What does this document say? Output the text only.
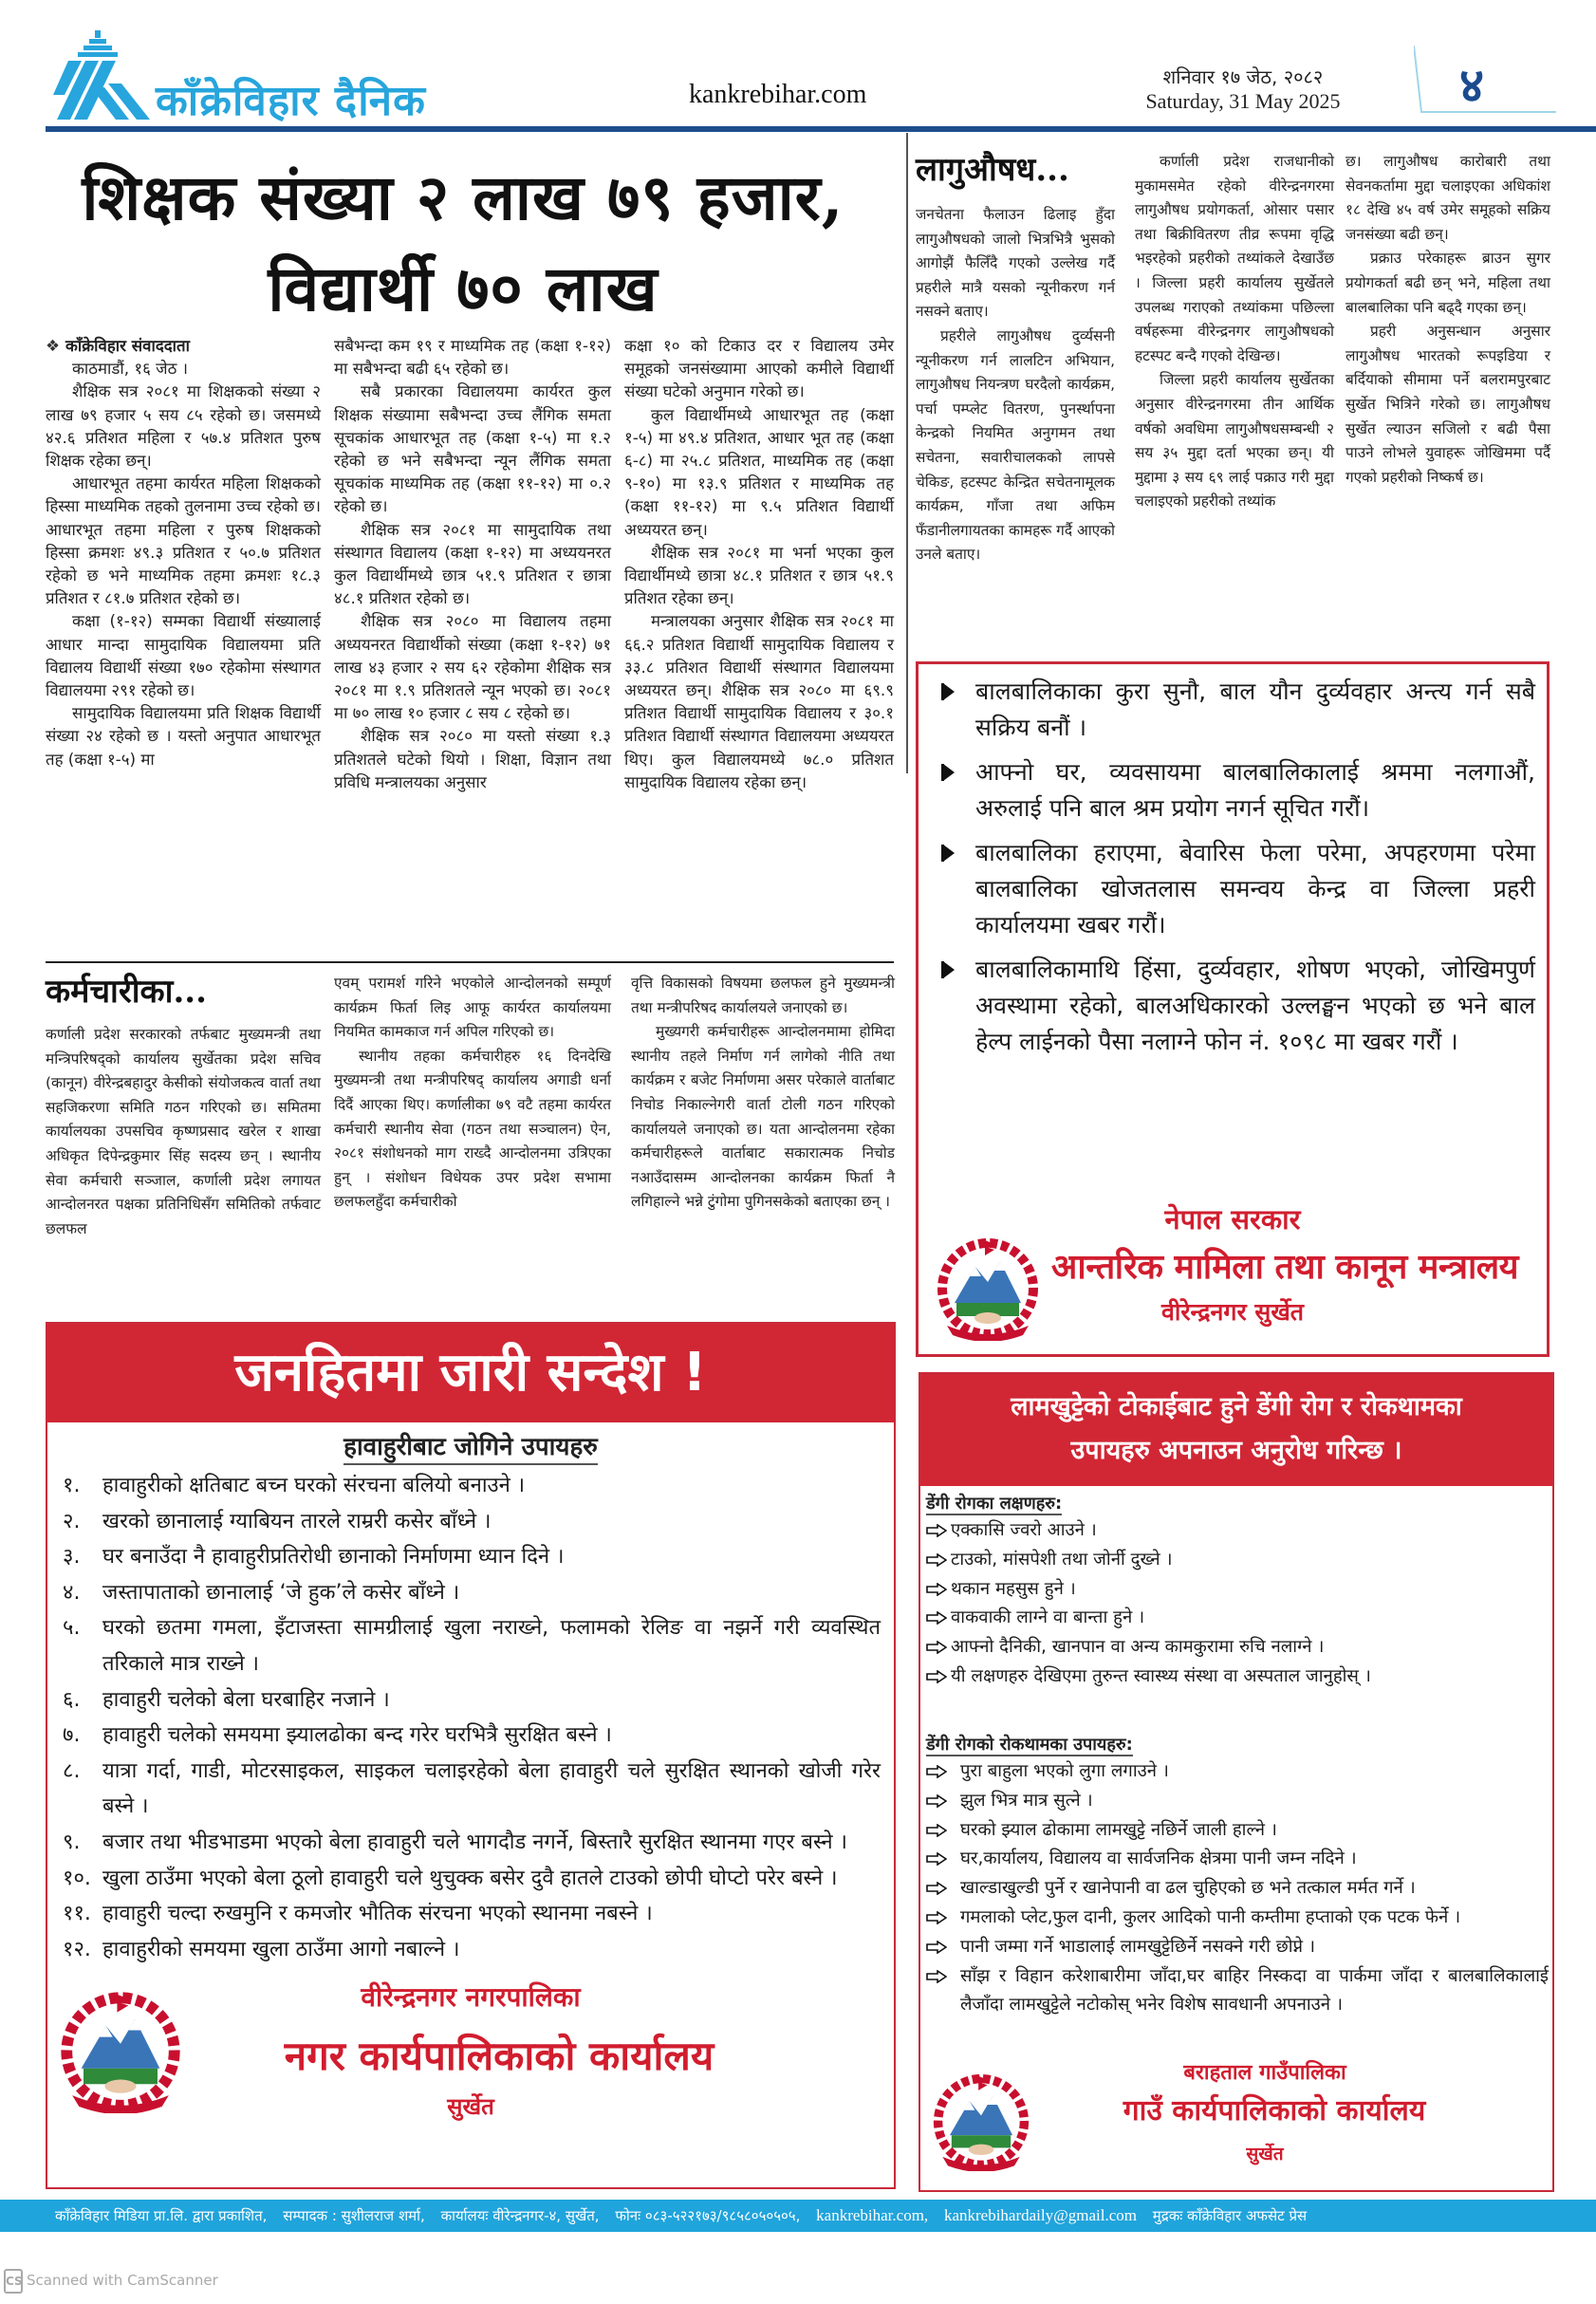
काँक्रेविहार दैनिक	kankrebihar.com
शनिवार १७ जेठ, २०८२
Saturday, 31 May 2025	४
शिक्षक संख्या २ लाख ७९ हजार,
विद्यार्थी ७० लाख

❖ काँक्रेविहार संवाददाता

काठमाडौं, १६ जेठ ।

शैक्षिक सत्र २०८१ मा शिक्षकको संख्या २ लाख ७९ हजार ५ सय ८५ रहेको छ। जसमध्ये ४२.६ प्रतिशत महिला र ५७.४ प्रतिशत पुरुष शिक्षक रहेका छन्।

आधारभूत तहमा कार्यरत महिला शिक्षकको हिस्सा माध्यमिक तहको तुलनामा उच्च रहेको छ। आधारभूत तहमा महिला र पुरुष शिक्षकको हिस्सा क्रमशः ४९.३ प्रतिशत र ५०.७ प्रतिशत रहेको छ भने माध्यमिक तहमा क्रमशः १८.३ प्रतिशत र ८१.७ प्रतिशत रहेको छ।

कक्षा (१-१२) सम्मका विद्यार्थी संख्यालाई आधार मान्दा सामुदायिक विद्यालयमा प्रति विद्यालय विद्यार्थी संख्या १७० रहेकोमा संस्थागत विद्यालयमा २९१ रहेको छ।

सामुदायिक विद्यालयमा प्रति शिक्षक विद्यार्थी संख्या २४ रहेको छ । यस्तो अनुपात आधारभूत तह (कक्षा १-५) मा

सबैभन्दा कम १९ र माध्यमिक तह (कक्षा १-१२) मा सबैभन्दा बढी ६५ रहेको छ।

सबै प्रकारका विद्यालयमा कार्यरत कुल शिक्षक संख्यामा सबैभन्दा उच्च लैंगिक समता सूचकांक आधारभूत तह (कक्षा १-५) मा १.२ रहेको छ भने सबैभन्दा न्यून लैंगिक समता सूचकांक माध्यमिक तह (कक्षा ११-१२) मा ०.२ रहेको छ।

शैक्षिक सत्र २०८१ मा सामुदायिक तथा संस्थागत विद्यालय (कक्षा १-१२) मा अध्ययनरत कुल विद्यार्थीमध्ये छात्र ५१.९ प्रतिशत र छात्रा ४८.१ प्रतिशत रहेको छ।

शैक्षिक सत्र २०८० मा विद्यालय तहमा अध्ययनरत विद्यार्थीको संख्या (कक्षा १-१२) ७१ लाख ४३ हजार २ सय ६२ रहेकोमा शैक्षिक सत्र २०८१ मा १.९ प्रतिशतले न्यून भएको छ। २०८१ मा ७० लाख १० हजार ८ सय ८ रहेको छ।

शैक्षिक सत्र २०८० मा यस्तो संख्या १.३ प्रतिशतले घटेको थियो । शिक्षा, विज्ञान तथा प्रविधि मन्त्रालयका अनुसार

कक्षा १० को टिकाउ दर र विद्यालय उमेर समूहको जनसंख्यामा आएको कमीले विद्यार्थी संख्या घटेको अनुमान गरेको छ।

कुल विद्यार्थीमध्ये आधारभूत तह (कक्षा १-५) मा ४९.४ प्रतिशत, आधार भूत तह (कक्षा ६-८) मा २५.८ प्रतिशत, माध्यमिक तह (कक्षा ९-१०) मा १३.९ प्रतिशत र माध्यमिक तह (कक्षा ११-१२) मा ९.५ प्रतिशत विद्यार्थी अध्ययरत छन्।

शैक्षिक सत्र २०८१ मा भर्ना भएका कुल विद्यार्थीमध्ये छात्रा ४८.१ प्रतिशत र छात्र ५१.९ प्रतिशत रहेका छन्।

मन्त्रालयका अनुसार शैक्षिक सत्र २०८१ मा ६६.२ प्रतिशत विद्यार्थी सामुदायिक विद्यालय र ३३.८ प्रतिशत विद्यार्थी संस्थागत विद्यालयमा अध्ययरत छन्। शैक्षिक सत्र २०८० मा ६९.९ प्रतिशत विद्यार्थी सामुदायिक विद्यालय र ३०.१ प्रतिशत विद्यार्थी संस्थागत विद्यालयमा अध्ययरत थिए। कुल विद्यालयमध्ये ७८.० प्रतिशत सामुदायिक विद्यालय रहेका छन्।

कर्मचारीका...

कर्णाली प्रदेश सरकारको तर्फबाट मुख्यमन्त्री तथा मन्त्रिपरिषद्को कार्यालय सुर्खेतका प्रदेश सचिव (कानून) वीरेन्द्रबहादुर केसीको संयोजकत्व वार्ता तथा सहजिकरणा समिति गठन गरिएको छ। समितमा कार्यालयका उपसचिव कृष्णप्रसाद खरेल र शाखा अधिकृत दिपेन्द्रकुमार सिंह सदस्य छन् । स्थानीय सेवा कर्मचारी सञ्जाल, कर्णाली प्रदेश लगायत आन्दोलनरत पक्षका प्रतिनिधिसँग समितिको तर्फवाट छलफल

एवम् परामर्श गरिने भएकोले आन्दोलनको सम्पूर्ण कार्यक्रम फिर्ता लिइ आफू कार्यरत कार्यालयमा नियमित कामकाज गर्न अपिल गरिएको छ।

स्थानीय तहका कर्मचारीहरु १६ दिनदेखि मुख्यमन्त्री तथा मन्त्रीपरिषद् कार्यालय अगाडी धर्ना दिदैं आएका थिए। कर्णालीका ७९ वटै तहमा कार्यरत कर्मचारी स्थानीय सेवा (गठन तथा सञ्चालन) ऐन, २०८१ संशोधनको माग राख्दै आन्दोलनमा उत्रिएका हुन् । संशोधन विधेयक उपर प्रदेश सभामा छलफलहुँदा कर्मचारीको

वृत्ति विकासको विषयमा छलफल हुने मुख्यमन्त्री तथा मन्त्रीपरिषद कार्यालयले जनाएको छ।

मुख्यगरी कर्मचारीहरू आन्दोलनमामा होमिदा स्थानीय तहले निर्माण गर्न लागेको नीति तथा कार्यक्रम र बजेट निर्माणमा असर परेकाले वार्ताबाट निचोड निकाल्नेगरी वार्ता टोली गठन गरिएको कार्यालयले जनाएको छ। यता आन्दोलनमा रहेका कर्मचारीहरूले वार्ताबाट सकारात्मक निचोड नआउँदासम्म आन्दोलनका कार्यक्रम फिर्ता नै लगिहाल्ने भन्ने टुंगोमा पुगिनसकेको बताएका छन् ।

लागुऔषध...

जनचेतना फैलाउन ढिलाइ हुँदा लागुऔषधको जालो भित्रभित्रै भुसको आगोझैं फैलिँदै गएको उल्लेख गर्दै प्रहरीले मात्रै यसको न्यूनीकरण गर्न नसक्ने बताए।

प्रहरीले लागुऔषध दुर्व्यसनी न्यूनीकरण गर्न लालटिन अभियान, लागुऔषध नियन्त्रण घरदैलो कार्यक्रम, पर्चा पम्प्लेट वितरण, पुनर्स्थापना केन्द्रको नियमित अनुगमन तथा सचेतना, सवारीचालकको लापसे चेकिङ, हटस्पट केन्द्रित सचेतनामूलक कार्यक्रम, गाँजा तथा अफिम फँडानीलगायतका कामहरू गर्दै आएको उनले बताए।

कर्णाली प्रदेश राजधानीको मुकामसमेत रहेको वीरेन्द्रनगरमा लागुऔषध प्रयोगकर्ता, ओसार पसार तथा बिक्रीवितरण तीव्र रूपमा वृद्धि भइरहेको प्रहरीको तथ्यांकले देखाउँछ । जिल्ला प्रहरी कार्यालय सुर्खेतले उपलब्ध गराएको तथ्यांकमा पछिल्ला वर्षहरूमा वीरेन्द्रनगर लागुऔषधको हटस्पट बन्दै गएको देखिन्छ।

जिल्ला प्रहरी कार्यालय सुर्खेतका अनुसार वीरेन्द्रनगरमा तीन आर्थिक वर्षको अवधिमा लागुऔषधसम्बन्धी २ सय ३५ मुद्दा दर्ता भएका छन्। यी मुद्दामा ३ सय ६९ लाई पक्राउ गरी मुद्दा चलाइएको प्रहरीको तथ्यांक

छ। लागुऔषध कारोबारी तथा सेवनकर्तामा मुद्दा चलाइएका अधिकांश १८ देखि ४५ वर्ष उमेर समूहको सक्रिय जनसंख्या बढी छन्।

प्रक्राउ परेकाहरू ब्राउन सुगर प्रयोगकर्ता बढी छन् भने, महिला तथा बालबालिका पनि बढ्दै गएका छन्।

प्रहरी अनुसन्धान अनुसार लागुऔषध भारतको रूपइडिया र बर्दियाको सीमामा पर्ने बलरामपुरबाट सुर्खेत भित्रिने गरेको छ। लागुऔषध सुर्खेत ल्याउन सजिलो र बढी पैसा पाउने लोभले युवाहरू जोखिममा पर्दै गएको प्रहरीको निष्कर्ष छ।

बालबालिकाका कुरा सुनौ, बाल यौन दुर्व्यवहार अन्त्य गर्न सबै सक्रिय बनौं ।
आफ्नो घर, व्यवसायमा बालबालिकालाई श्रममा नलगाऔं, अरुलाई पनि बाल श्रम प्रयोग नगर्न सूचित गरौं।
बालबालिका हराएमा, बेवारिस फेला परेमा, अपहरणमा परेमा बालबालिका खोजतलास समन्वय केन्द्र वा जिल्ला प्रहरी कार्यालयमा खबर गरौं।
बालबालिकामाथि हिंसा, दुर्व्यवहार, शोषण भएको, जोखिमपुर्ण अवस्थामा रहेको, बालअधिकारको उल्लङ्घन भएको छ भने बाल हेल्प लाईनको पैसा नलाग्ने फोन नं. १०९८ मा खबर गरौं ।
नेपाल सरकार
आन्तरिक मामिला तथा कानून मन्त्रालय
वीरेन्द्रनगर सुर्खेत
जनहितमा जारी सन्देश !
हावाहुरीबाट जोगिने उपायहरु
१. हावाहुरीको क्षतिबाट बच्न घरको संरचना बलियो बनाउने ।
२. खरको छानालाई ग्याबियन तारले राम्ररी कसेर बाँध्ने ।
३. घर बनाउँदा नै हावाहुरीप्रतिरोधी छानाको निर्माणमा ध्यान दिने ।
४. जस्तापाताको छानालाई ‘जे हुक’ले कसेर बाँध्ने ।
५. घरको छतमा गमला, इँटाजस्ता सामग्रीलाई खुला नराख्ने, फलामको रेलिङ वा नझर्ने गरी व्यवस्थित तरिकाले मात्र राख्ने ।
६. हावाहुरी चलेको बेला घरबाहिर नजाने ।
७. हावाहुरी चलेको समयमा झ्यालढोका बन्द गरेर घरभित्रै सुरक्षित बस्ने ।
८. यात्रा गर्दा, गाडी, मोटरसाइकल, साइकल चलाइरहेको बेला हावाहुरी चले सुरक्षित स्थानको खोजी गरेर बस्ने ।
९. बजार तथा भीडभाडमा भएको बेला हावाहुरी चले भागदौड नगर्ने, बिस्तारै सुरक्षित स्थानमा गएर बस्ने ।
१०. खुला ठाउँमा भएको बेला ठूलो हावाहुरी चले थुचुक्क बसेर दुवै हातले टाउको छोपी घोप्टो परेर बस्ने ।
११. हावाहुरी चल्दा रुखमुनि र कमजोर भौतिक संरचना भएको स्थानमा नबस्ने ।
१२. हावाहुरीको समयमा खुला ठाउँमा आगो नबाल्ने ।
वीरेन्द्रनगर नगरपालिका
नगर कार्यपालिकाको कार्यालय
सुर्खेत
लामखुट्टेको टोकाईबाट हुने डेंगी रोग र रोकथामका
उपायहरु अपनाउन अनुरोध गरिन्छ ।
डेंगी रोगका लक्षणहरु:
एक्कासि ज्वरो आउने ।
टाउको, मांसपेशी तथा जोर्नी दुख्ने ।
थकान महसुस हुने ।
वाकवाकी लाग्ने वा बान्ता हुने ।
आफ्नो दैनिकी, खानपान वा अन्य कामकुरामा रुचि नलाग्ने ।
यी लक्षणहरु देखिएमा तुरुन्त स्वास्थ्य संस्था वा अस्पताल जानुहोस् ।
डेंगी रोगको रोकथामका उपायहरु:
पुरा बाहुला भएको लुगा लगाउने ।
झुल भित्र मात्र सुत्ने ।
घरको झ्याल ढोकामा लामखुट्टे नछिर्ने जाली हाल्ने ।
घर,कार्यालय, विद्यालय वा सार्वजनिक क्षेत्रमा पानी जम्न नदिने ।
खाल्डाखुल्डी पुर्ने र खानेपानी वा ढल चुहिएको छ भने तत्काल मर्मत गर्ने ।
गमलाको प्लेट,फुल दानी, कुलर आदिको पानी कम्तीमा हप्ताको एक पटक फेर्ने ।
पानी जम्मा गर्ने भाडालाई लामखुट्टेछिर्ने नसक्ने गरी छोप्ने ।
साँझ र विहान करेशाबारीमा जाँदा,घर बाहिर निस्कदा वा पार्कमा जाँदा र बालबालिकालाई लैजाँदा लामखुट्टेले नटोकोस् भनेर विशेष सावधानी अपनाउने ।
बराहताल गाउँपालिका
गाउँ कार्यपालिकाको कार्यालय
सुर्खेत
काँक्रेविहार मिडिया प्रा.लि. द्वारा प्रकाशित, सम्पादक : सुशीलराज शर्मा, कार्यालयः वीरेन्द्रनगर-४, सुर्खेत, फोनः ०८३-५२२१७३/९८५८०५०५०५, kankrebihar.com, kankrebihardaily@gmail.com मुद्रकः काँक्रेविहार अफसेट प्रेस
CS Scanned with CamScanner
